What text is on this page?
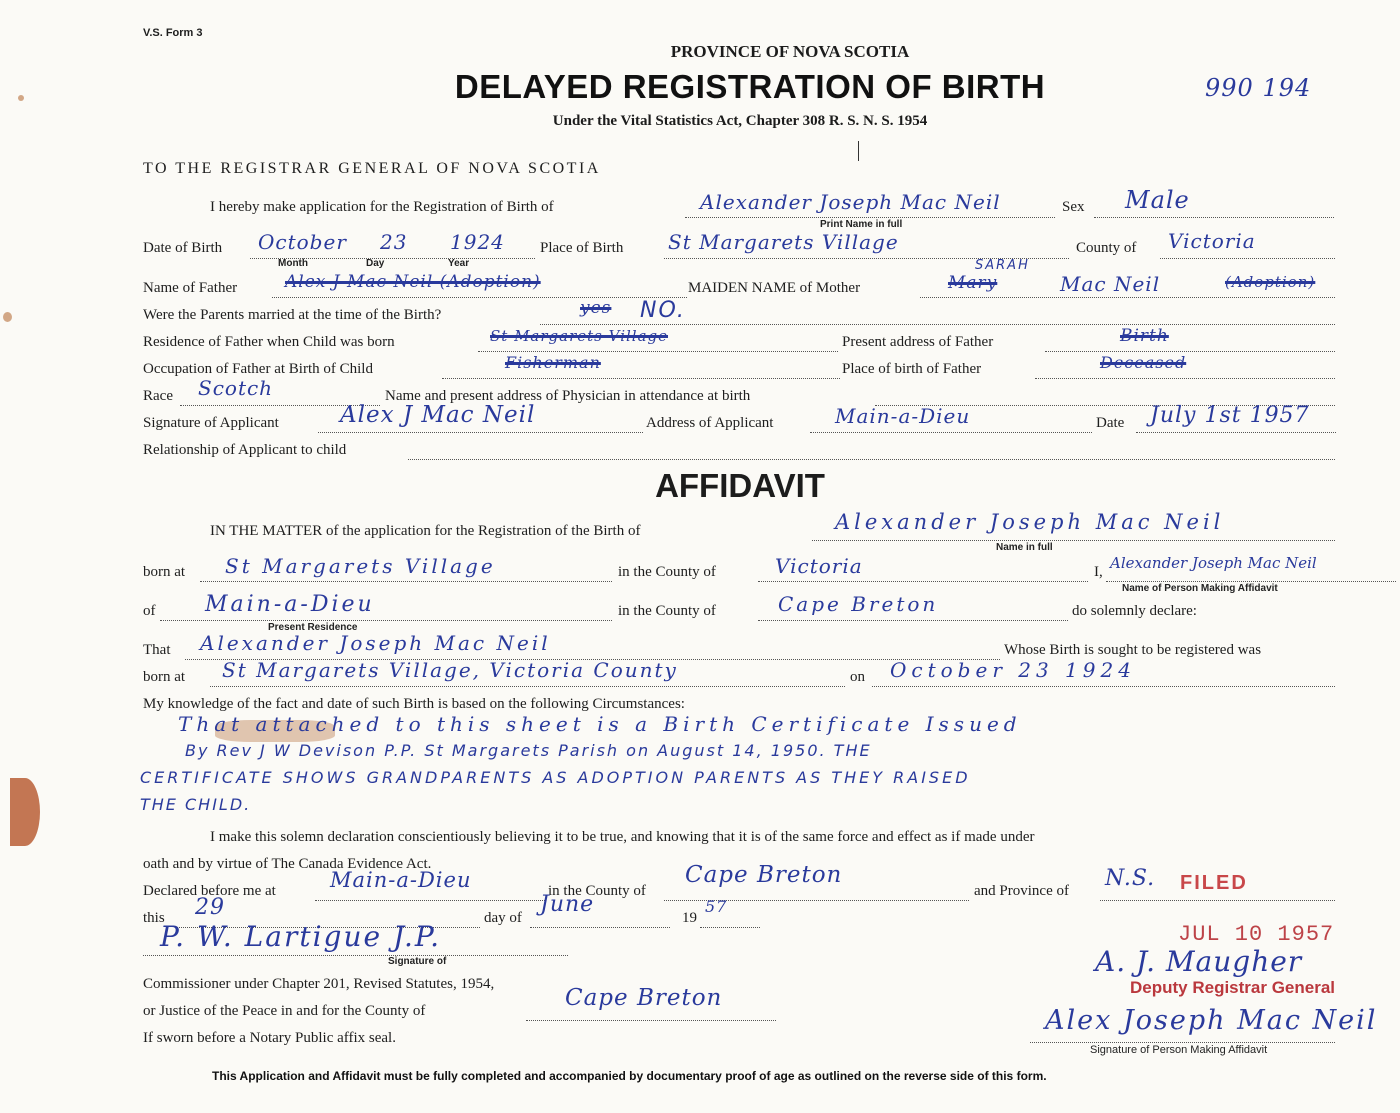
V.S. Form 3
PROVINCE OF NOVA SCOTIA
DELAYED REGISTRATION OF BIRTH
Under the Vital Statistics Act, Chapter 308 R. S. N. S. 1954
990 194
TO THE REGISTRAR GENERAL OF NOVA SCOTIA
I hereby make application for the Registration of Birth of	Alexander Joseph Mac Neil
Print Name in full
Sex Male
Date of Birth October 23 1924
Month	Day	Year
Place of Birth St Margarets Village	County of Victoria
Name of Father	Alex J Mac Neil (Adoption)	MAIDEN NAME of Mother
SARAH
Mary	Mac Neil	(Adoption)
Were the Parents married at the time of the Birth?	yes NO.
Residence of Father when Child was born	St Margarets Village	Present address of Father	Birth
Occupation of Father at Birth of Child	Fisherman	Place of birth of Father	Deceased
Race Scotch	Name and present address of Physician in attendance at birth
Signature of Applicant	Alex J Mac Neil	Address of Applicant	Main-a-Dieu	Date July 1st 1957
Relationship of Applicant to child
AFFIDAVIT
IN THE MATTER of the application for the Registration of the Birth of	Alexander Joseph Mac Neil
Name in full
born at St Margarets Village	in the County of	Victoria	I, Alexander Joseph Mac Neil
Name of Person Making Affidavit
of Main-a-Dieu
Present Residence
in the County of	Cape Breton	do solemnly declare:
That Alexander Joseph Mac Neil	Whose Birth is sought to be registered was
born at St Margarets Village, Victoria County	on October 23 1924
My knowledge of the fact and date of such Birth is based on the following Circumstances:
That attached to this sheet is a Birth Certificate Issued
By Rev J W Devison P.P. St Margarets Parish on August 14, 1950. THE
CERTIFICATE SHOWS GRANDPARENTS AS ADOPTION PARENTS AS THEY RAISED
THE CHILD.
I make this solemn declaration conscientiously believing it to be true, and knowing that it is of the same force and effect as if made under
oath and by virtue of The Canada Evidence Act.
Declared before me at	Main-a-Dieu	in the County of
Cape Breton
and Province of N.S. FILED
this 29	day of
June
19
57
P. W. Lartigue J.P.
Signature of
Commissioner under Chapter 201, Revised Statutes, 1954,
or Justice of the Peace in and for the County of	Cape Breton
If sworn before a Notary Public affix seal.
JUL 10 1957
A. J. Maugher
Deputy Registrar General
Alex Joseph Mac Neil
Signature of Person Making Affidavit
This Application and Affidavit must be fully completed and accompanied by documentary proof of age as outlined on the reverse side of this form.
